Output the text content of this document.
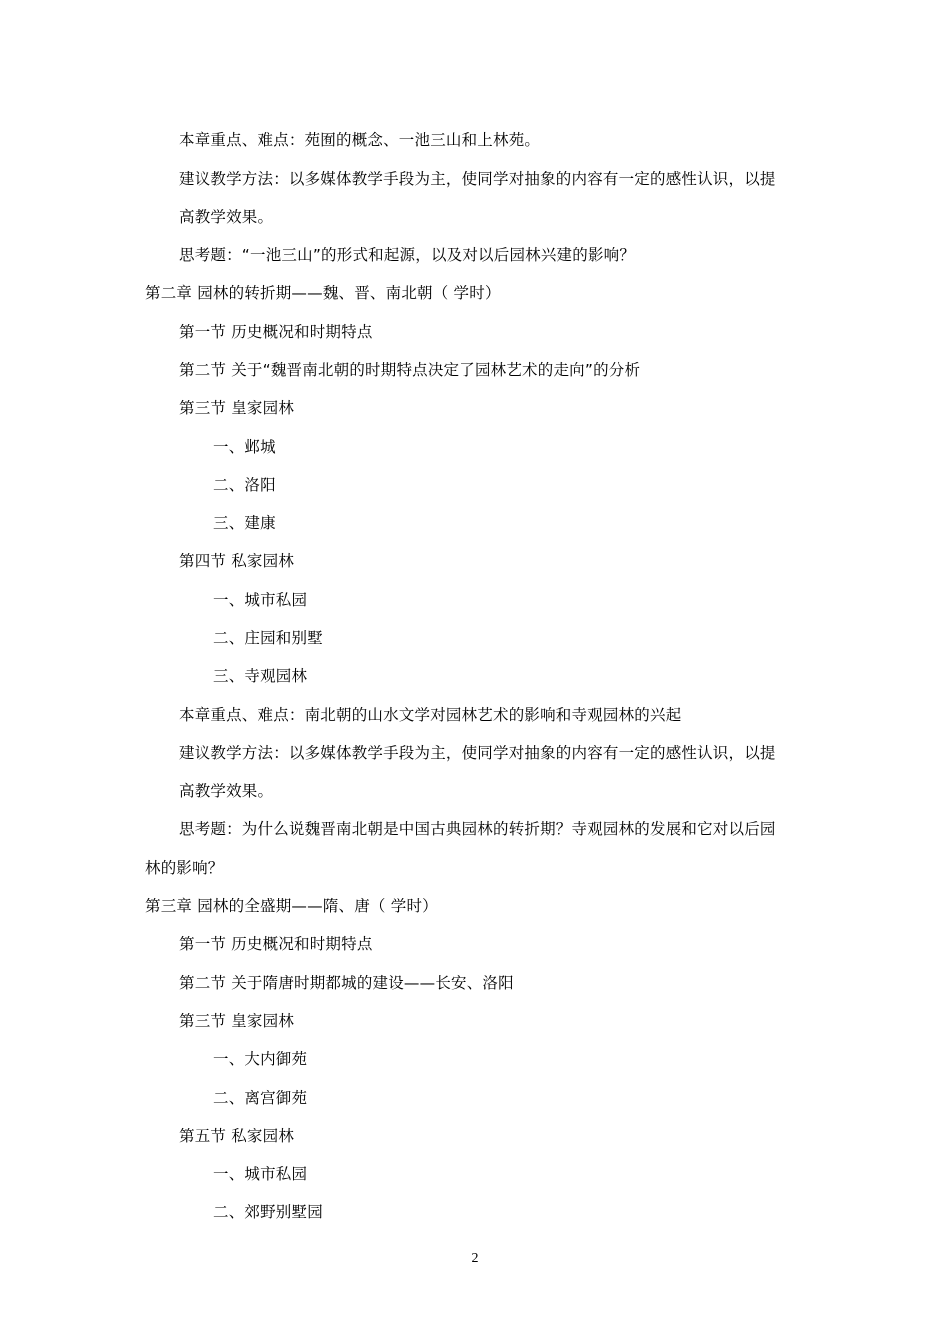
本章重点、难点：苑囿的概念、一池三山和上林苑。
建议教学方法：以多媒体教学手段为主，使同学对抽象的内容有一定的感性认识，以提
高教学效果。
思考题：“一池三山”的形式和起源，以及对以后园林兴建的影响？
第二章 园林的转折期——魏、晋、南北朝（ 学时）
第一节 历史概况和时期特点
第二节 关于“魏晋南北朝的时期特点决定了园林艺术的走向”的分析
第三节 皇家园林
一、邺城
二、洛阳
三、建康
第四节 私家园林
一、城市私园
二、庄园和别墅
三、寺观园林
本章重点、难点：南北朝的山水文学对园林艺术的影响和寺观园林的兴起
建议教学方法：以多媒体教学手段为主，使同学对抽象的内容有一定的感性认识，以提
高教学效果。
思考题：为什么说魏晋南北朝是中国古典园林的转折期？寺观园林的发展和它对以后园
林的影响？
第三章 园林的全盛期——隋、唐（ 学时）
第一节 历史概况和时期特点
第二节 关于隋唐时期都城的建设——长安、洛阳
第三节 皇家园林
一、大内御苑
二、离宫御苑
第五节 私家园林
一、城市私园
二、郊野别墅园
2
